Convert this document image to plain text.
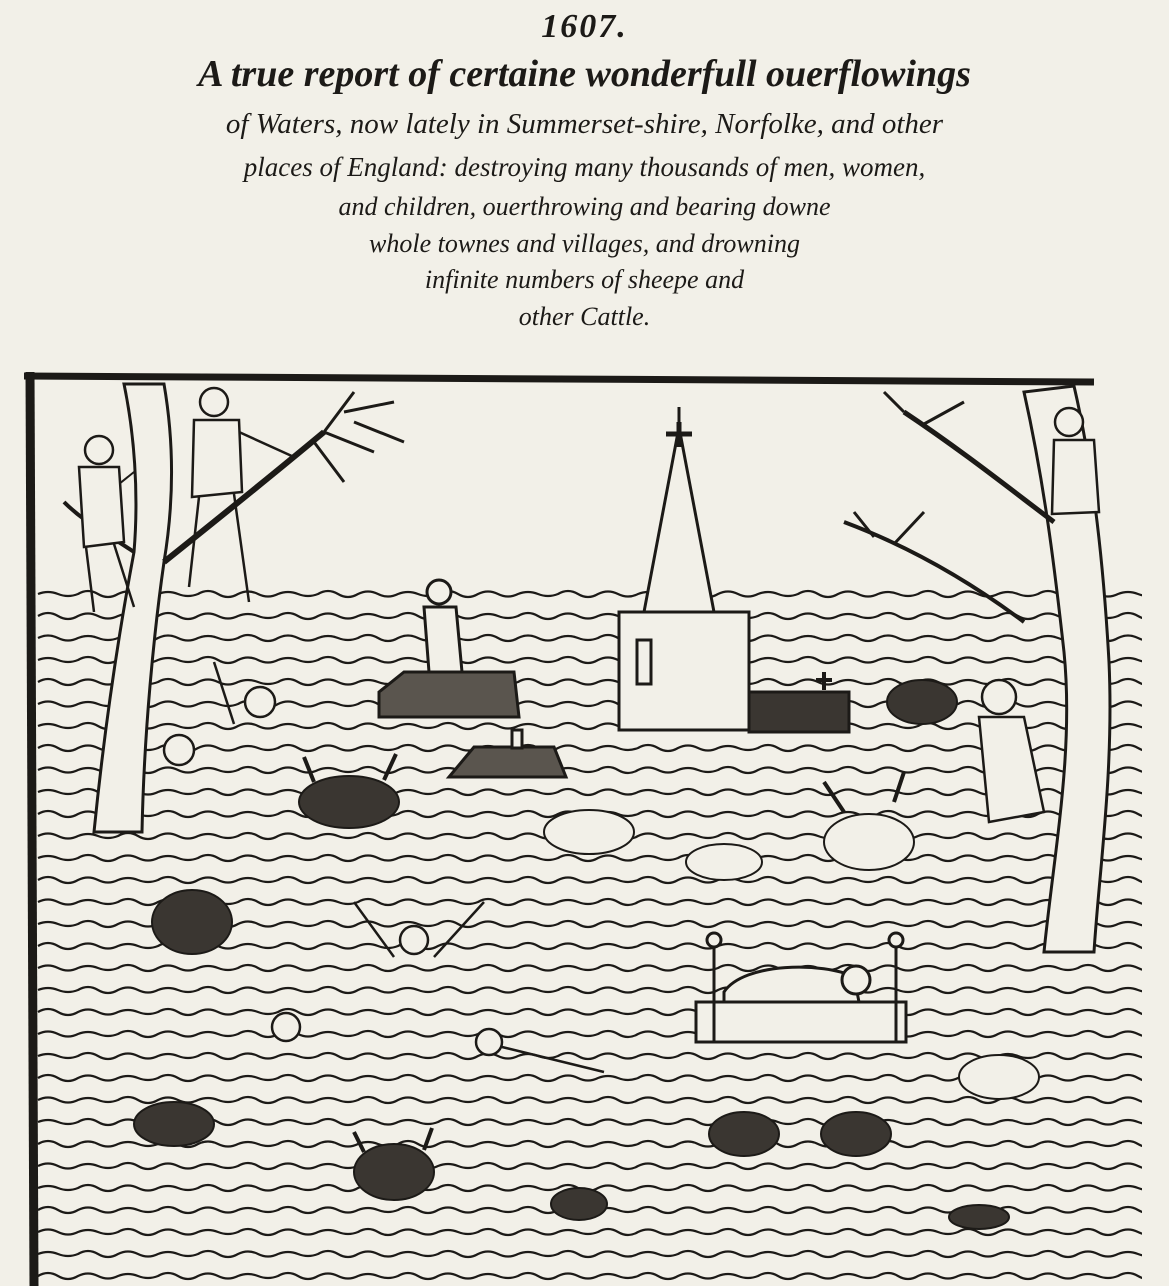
1607.
A true report of certaine wonderfull ouerflowings
of Waters, now lately in Summerset-shire, Norfolke, and other
places of England: destroying many thousands of men, women,
and children, ouerthrowing and bearing downe
whole townes and villages, and drowning
infinite numbers of sheepe and
other Cattle.
